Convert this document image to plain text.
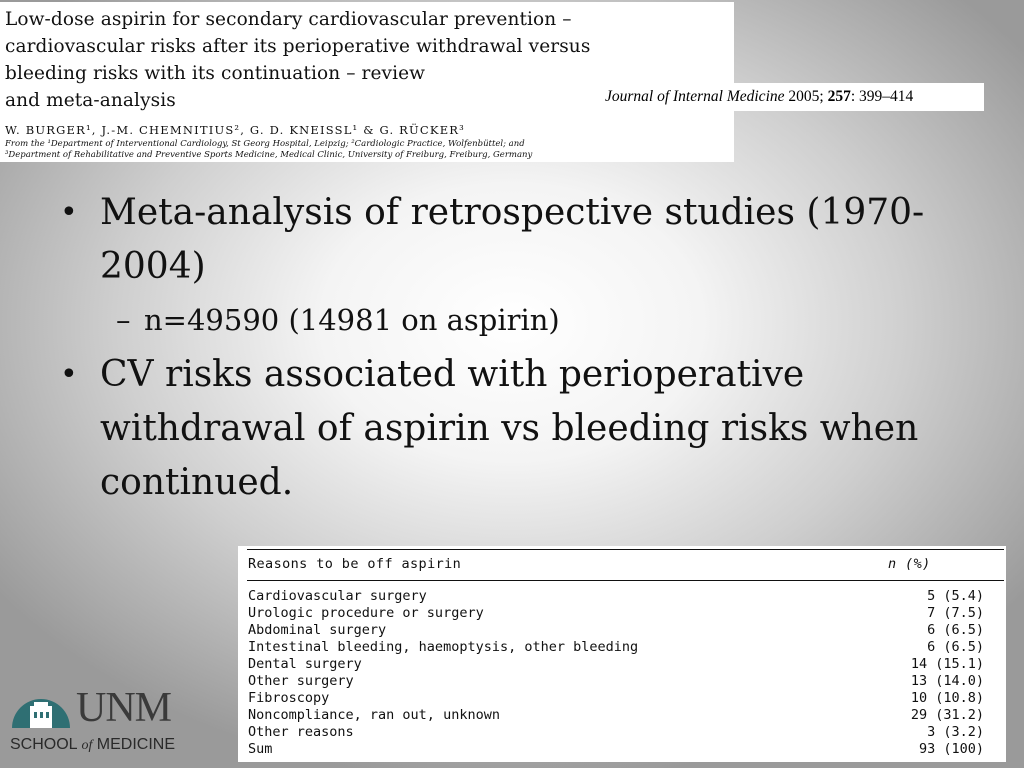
Low-dose aspirin for secondary cardiovascular prevention –
cardiovascular risks after its perioperative withdrawal versus
bleeding risks with its continuation – review
and meta-analysis
W. BURGER¹, J.-M. CHEMNITIUS², G. D. KNEISSL¹ & G. RÜCKER³
From the ¹Department of Interventional Cardiology, St Georg Hospital, Leipzig; ²Cardiologic Practice, Wolfenbüttel; and
³Department of Rehabilitative and Preventive Sports Medicine, Medical Clinic, University of Freiburg, Freiburg, Germany
Journal of Internal Medicine 2005; 257: 399–414
• Meta-analysis of retrospective studies (1970-2004)
– n=49590 (14981 on aspirin)
• CV risks associated with perioperative withdrawal of aspirin vs bleeding risks when continued.
Reasons to be off aspirin	n (%)
Cardiovascular surgery	5 (5.4)
Urologic procedure or surgery	7 (7.5)
Abdominal surgery	6 (6.5)
Intestinal bleeding, haemoptysis, other bleeding	6 (6.5)
Dental surgery	14 (15.1)
Other surgery	13 (14.0)
Fibroscopy	10 (10.8)
Noncompliance, ran out, unknown	29 (31.2)
Other reasons	3 (3.2)
Sum	93 (100)
UNM
SCHOOL of MEDICINE
